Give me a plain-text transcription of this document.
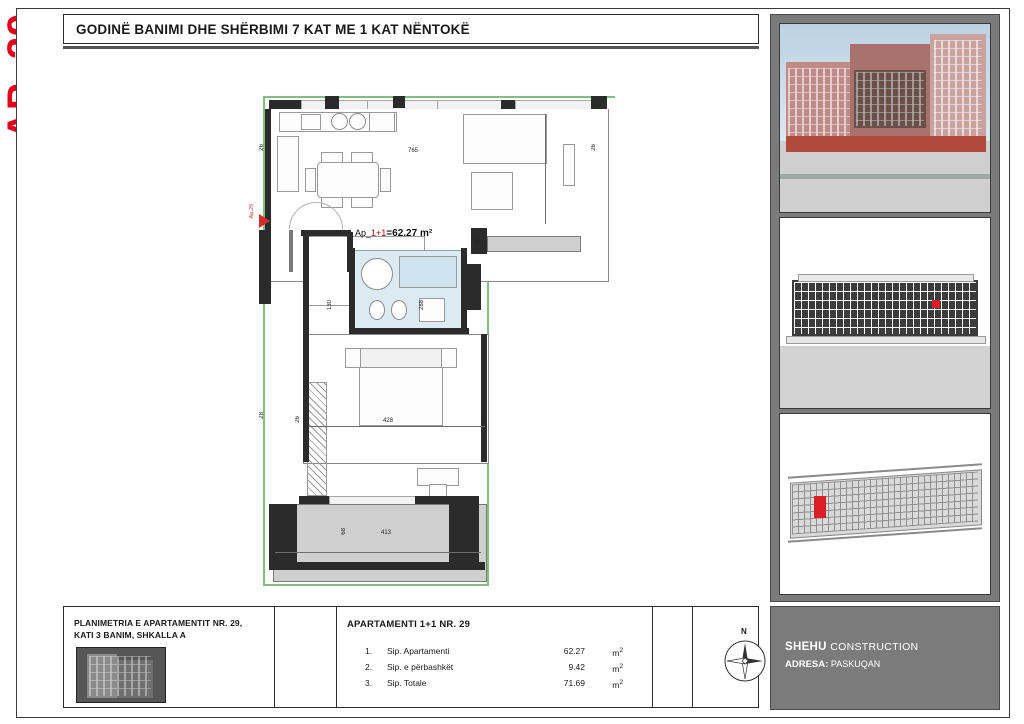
GODINË BANIMI DHE SHËRBIMI 7 KAT ME 1 KAT NËNTOKË
Ap.29
765
428
413
130	288
92
26	26
28
26	21
68
Ap_1+1=62.27 m²
PLANIMETRIA E APARTAMENTIT NR. 29,
KATI 3 BANIM, SHKALLA A
APARTAMENTI 1+1 NR. 29
1.	Sip. Apartamenti	62.27	$m^2$
2.	Sip. e përbashkët	9.42	$m^2$
3.	Sip. Totale	71.69	$m^2$
N
SHEHU CONSTRUCTION
ADRESA: PASKUQAN
